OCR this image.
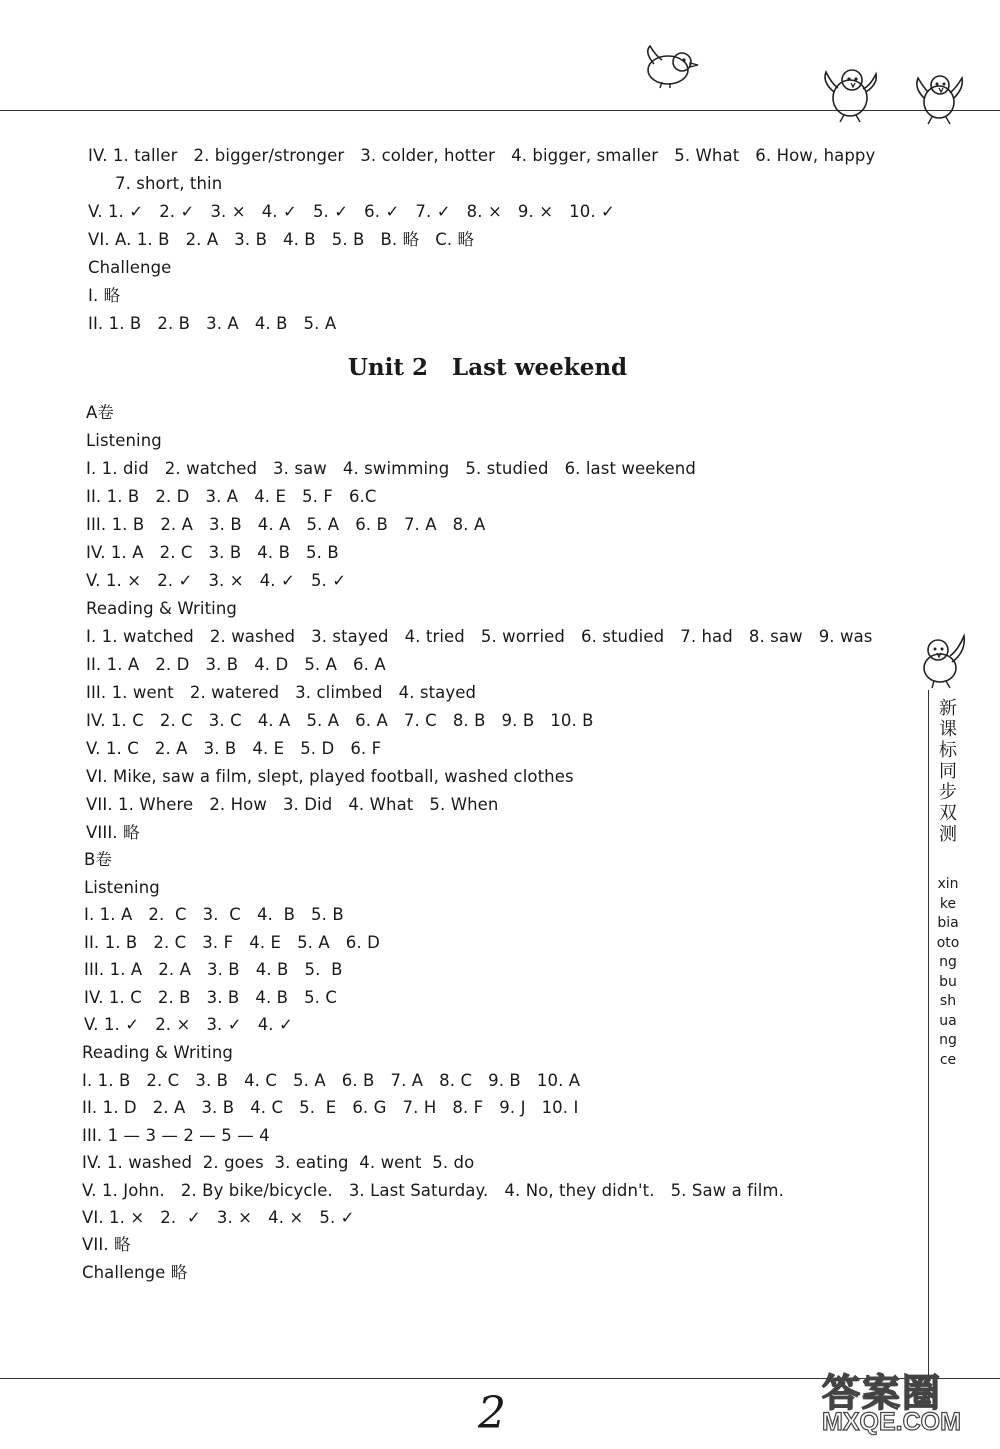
IV. 1. taller   2. bigger/stronger   3. colder, hotter   4. bigger, smaller   5. What   6. How, happy
7. short, thin
V. 1. ✓   2. ✓   3. ×   4. ✓   5. ✓   6. ✓   7. ✓   8. ×   9. ×   10. ✓
VI. A. 1. B   2. A   3. B   4. B   5. B   B. 略   C. 略
Challenge
I. 略
II. 1. B   2. B   3. A   4. B   5. A
Unit 2   Last weekend
A卷
Listening
I. 1. did   2. watched   3. saw   4. swimming   5. studied   6. last weekend
II. 1. B   2. D   3. A   4. E   5. F   6.C
III. 1. B   2. A   3. B   4. A   5. A   6. B   7. A   8. A
IV. 1. A   2. C   3. B   4. B   5. B
V. 1. ×   2. ✓   3. ×   4. ✓   5. ✓
Reading & Writing
I. 1. watched   2. washed   3. stayed   4. tried   5. worried   6. studied   7. had   8. saw   9. was
II. 1. A   2. D   3. B   4. D   5. A   6. A
III. 1. went   2. watered   3. climbed   4. stayed
IV. 1. C   2. C   3. C   4. A   5. A   6. A   7. C   8. B   9. B   10. B
V. 1. C   2. A   3. B   4. E   5. D   6. F
VI. Mike, saw a film, slept, played football, washed clothes
VII. 1. Where   2. How   3. Did   4. What   5. When
VIII. 略
B卷
Listening
I. 1. A   2.  C   3.  C   4.  B   5. B
II. 1. B   2. C   3. F   4. E   5. A   6. D
III. 1. A   2. A   3. B   4. B   5.  B
IV. 1. C   2. B   3. B   4. B   5. C
V. 1. ✓   2. ×   3. ✓   4. ✓
Reading & Writing
I. 1. B   2. C   3. B   4. C   5. A   6. B   7. A   8. C   9. B   10. A
II. 1. D   2. A   3. B   4. C   5.  E   6. G   7. H   8. F   9. J   10. I
III. 1 — 3 — 2 — 5 — 4
IV. 1. washed  2. goes  3. eating  4. went  5. do
V. 1. John.   2. By bike/bicycle.   3. Last Saturday.   4. No, they didn't.   5. Saw a film.
VI. 1. ×   2.  ✓   3. ×   4. ×   5. ✓
VII. 略
Challenge 略
新课标同步双测
xinkebiaotongbushuangce
2	答案圈
MXQE.COM
